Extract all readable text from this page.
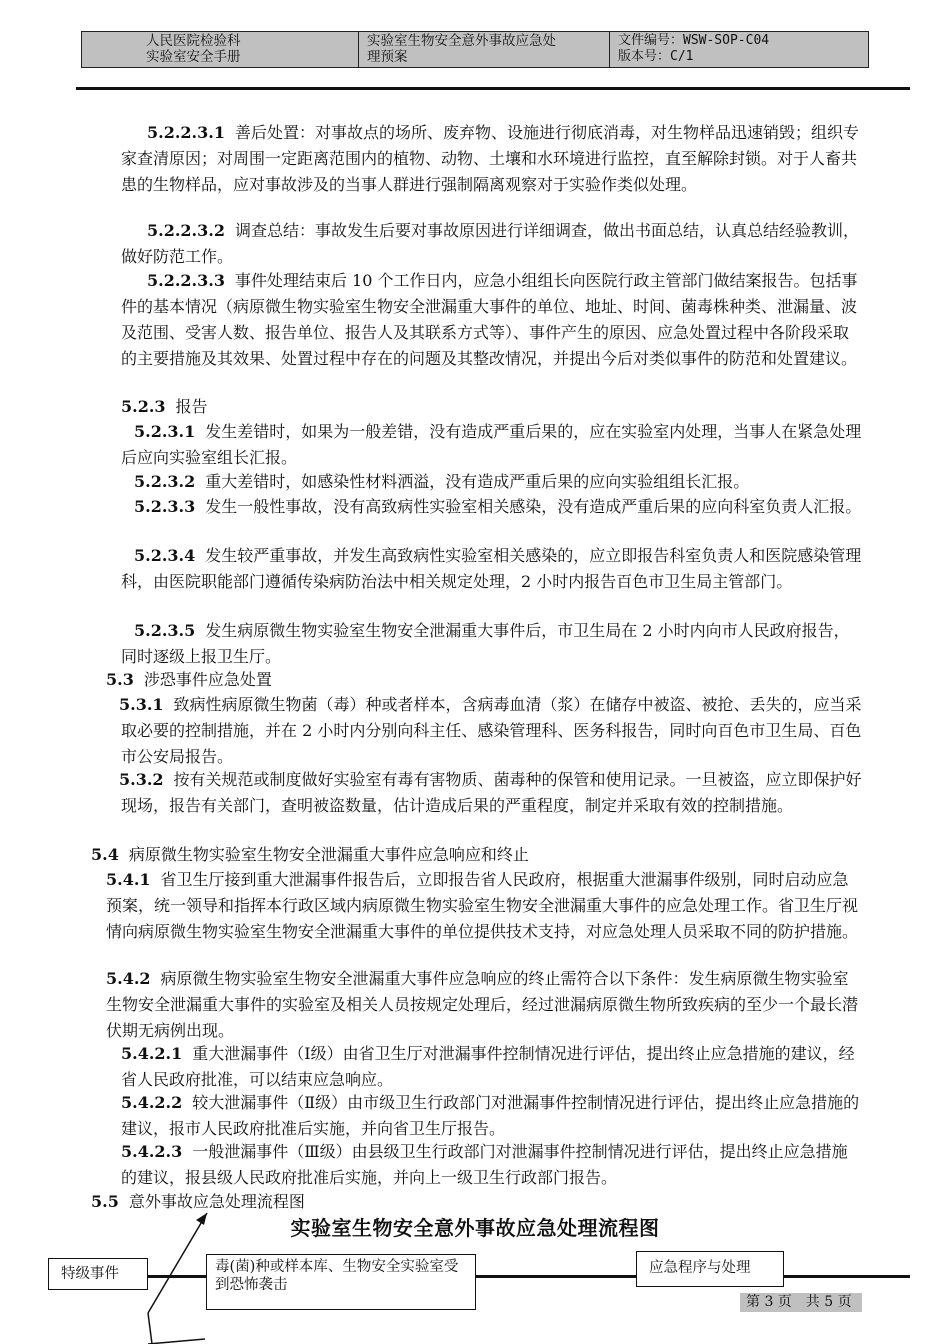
人民医院检验科
实验室安全手册
实验室生物安全意外事故应急处
理预案
文件编号：WSW-SOP-C04
版本号：C/1
5.2.2.3.1 善后处置：对事故点的场所、废弃物、设施进行彻底消毒，对生物样品迅速销毁；组织专家查清原因；对周围一定距离范围内的植物、动物、土壤和水环境进行监控，直至解除封锁。对于人畜共患的生物样品，应对事故涉及的当事人群进行强制隔离观察对于实验作类似处理。
5.2.2.3.2 调查总结：事故发生后要对事故原因进行详细调查，做出书面总结，认真总结经验教训，做好防范工作。
5.2.2.3.3 事件处理结束后 10 个工作日内，应急小组组长向医院行政主管部门做结案报告。包括事件的基本情况（病原微生物实验室生物安全泄漏重大事件的单位、地址、时间、菌毒株种类、泄漏量、波及范围、受害人数、报告单位、报告人及其联系方式等）、事件产生的原因、应急处置过程中各阶段采取的主要措施及其效果、处置过程中存在的问题及其整改情况，并提出今后对类似事件的防范和处置建议。
5.2.3 报告
5.2.3.1 发生差错时，如果为一般差错，没有造成严重后果的，应在实验室内处理，当事人在紧急处理后应向实验室组长汇报。
5.2.3.2 重大差错时，如感染性材料洒溢，没有造成严重后果的应向实验组组长汇报。
5.2.3.3 发生一般性事故，没有高致病性实验室相关感染，没有造成严重后果的应向科室负责人汇报。
5.2.3.4 发生较严重事故，并发生高致病性实验室相关感染的，应立即报告科室负责人和医院感染管理科，由医院职能部门遵循传染病防治法中相关规定处理，2 小时内报告百色市卫生局主管部门。
5.2.3.5 发生病原微生物实验室生物安全泄漏重大事件后，市卫生局在 2 小时内向市人民政府报告，同时逐级上报卫生厅。
5.3 涉恐事件应急处置
5.3.1 致病性病原微生物菌（毒）种或者样本，含病毒血清（浆）在储存中被盗、被抢、丢失的，应当采取必要的控制措施，并在 2 小时内分别向科主任、感染管理科、医务科报告，同时向百色市卫生局、百色市公安局报告。
5.3.2 按有关规范或制度做好实验室有毒有害物质、菌毒种的保管和使用记录。一旦被盗，应立即保护好现场，报告有关部门，查明被盗数量，估计造成后果的严重程度，制定并采取有效的控制措施。
5.4 病原微生物实验室生物安全泄漏重大事件应急响应和终止
5.4.1 省卫生厅接到重大泄漏事件报告后，立即报告省人民政府，根据重大泄漏事件级别，同时启动应急预案，统一领导和指挥本行政区域内病原微生物实验室生物安全泄漏重大事件的应急处理工作。省卫生厅视情向病原微生物实验室生物安全泄漏重大事件的单位提供技术支持，对应急处理人员采取不同的防护措施。
5.4.2 病原微生物实验室生物安全泄漏重大事件应急响应的终止需符合以下条件：发生病原微生物实验室生物安全泄漏重大事件的实验室及相关人员按规定处理后，经过泄漏病原微生物所致疾病的至少一个最长潜伏期无病例出现。
5.4.2.1 重大泄漏事件（Ⅰ级）由省卫生厅对泄漏事件控制情况进行评估，提出终止应急措施的建议，经省人民政府批准，可以结束应急响应。
5.4.2.2 较大泄漏事件（Ⅱ级）由市级卫生行政部门对泄漏事件控制情况进行评估，提出终止应急措施的建议，报市人民政府批准后实施，并向省卫生厅报告。
5.4.2.3 一般泄漏事件（Ⅲ级）由县级卫生行政部门对泄漏事件控制情况进行评估，提出终止应急措施的建议，报县级人民政府批准后实施，并向上一级卫生行政部门报告。
5.5 意外事故应急处理流程图
实验室生物安全意外事故应急处理流程图
特级事件	毒(菌)种或样本库、生物安全实验室受到恐怖袭击
应急程序与处理
第 3 页　共 5 页
